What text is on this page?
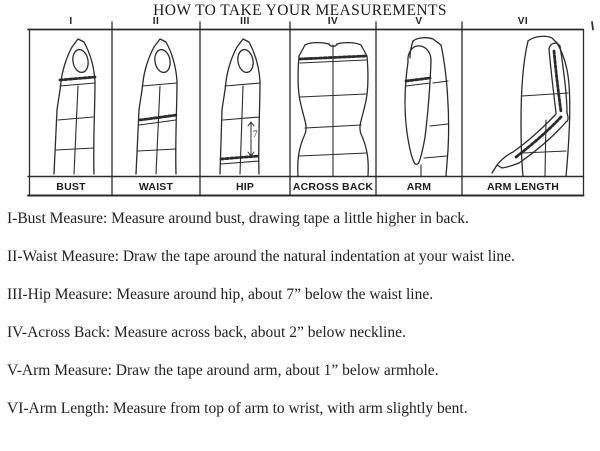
HOW TO TAKE YOUR MEASUREMENTS
I	II	III	IV	V	VI
BUST	WAIST	HIP	ACROSS BACK	ARM	ARM LENGTH
7

I-Bust Measure: Measure around bust, drawing tape a little higher in back.

II-Waist Measure: Draw the tape around the natural indentation at your waist line.

III-Hip Measure: Measure around hip, about 7” below the waist line.

IV-Across Back: Measure across back, about 2” below neckline.

V-Arm Measure: Draw the tape around arm, about 1” below armhole.

VI-Arm Length: Measure from top of arm to wrist, with arm slightly bent.
